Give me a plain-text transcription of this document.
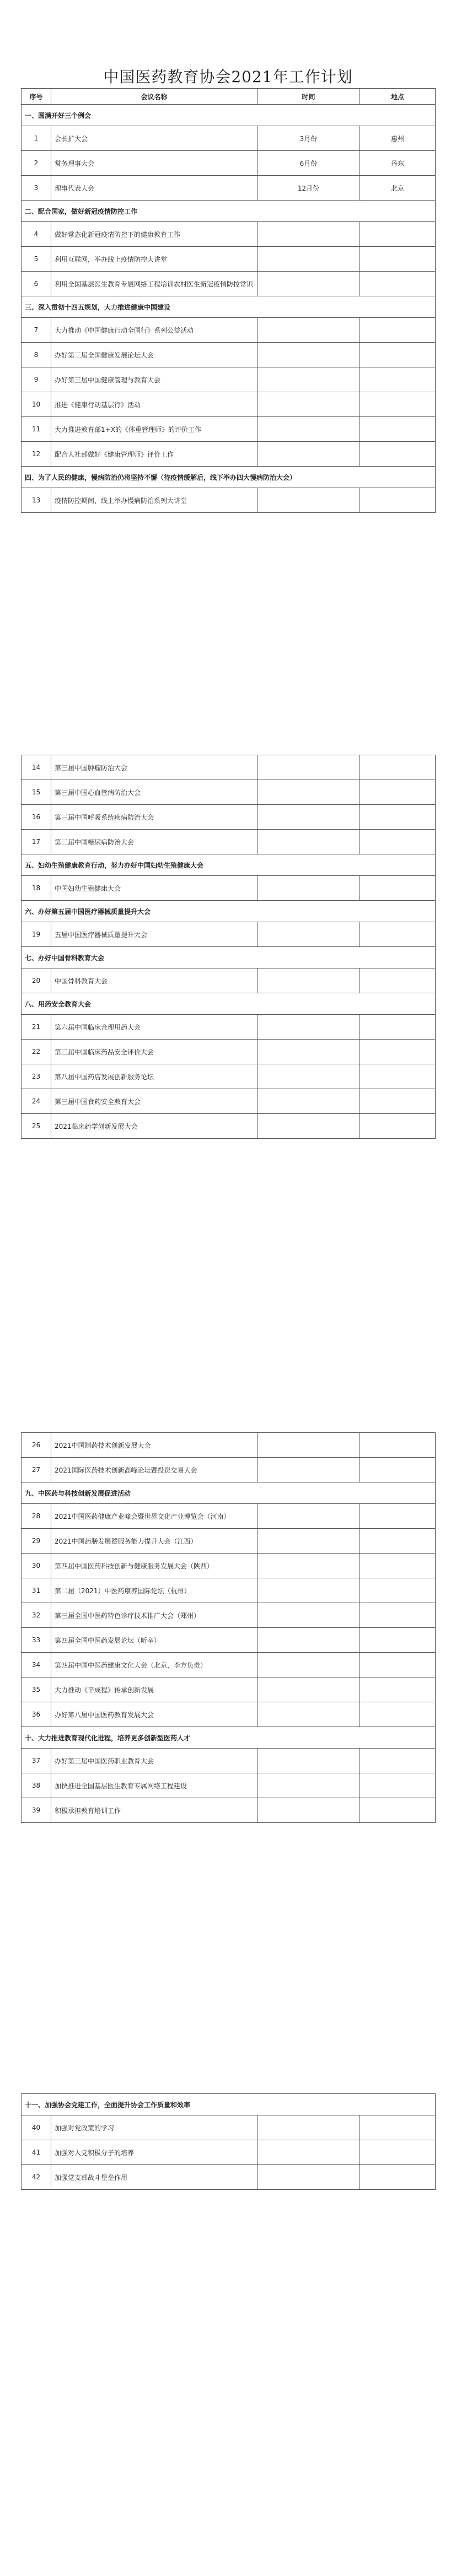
中国医药教育协会2021年工作计划
序号	会议名称	时间	地点
一、圆满开好三个例会			
1	会长扩大会	3月份	惠州
2	常务理事大会	6月份	丹东
3	理事代表大会	12月份	北京
二、配合国家，做好新冠疫情防控工作			
4	做好常态化新冠疫情防控下的健康教育工作		
5	利用互联网，举办线上疫情防控大讲堂		
6	利用全国基层医生教育专属网络工程培训农村医生新冠疫情防控常识		
三、深入贯彻十四五规划，大力推进健康中国建设			
7	大力推动《中国健康行动全国行》系列公益活动		
8	办好第三届全国健康发展论坛大会		
9	办好第三届中国健康管理与教育大会		
10	推进《健康行动基层行》活动		
11	大力推进教育部1+X的《体重管理师》的评价工作		
12	配合人社部做好《健康管理师》评价工作		
四、为了人民的健康，慢病防治仍将坚持不懈（待疫情缓解后，线下举办四大慢病防治大会）			
13	疫情防控期间，线上举办慢病防治系列大讲堂		
14	第三届中国肿瘤防治大会		
15	第三届中国心血管病防治大会		
16	第三届中国呼吸系统疾病防治大会		
17	第三届中国糖尿病防治大会		
五、妇幼生殖健康教育行动，努力办好中国妇幼生殖健康大会			
18	中国妇幼生殖健康大会		
六、办好第五届中国医疗器械质量提升大会			
19	五届中国医疗器械质量提升大会		
七、办好中国骨科教育大会			
20	中国骨科教育大会		
八、用药安全教育大会			
21	第六届中国临床合理用药大会		
22	第三届中国临床药品安全评价大会		
23	第八届中国药店发展创新服务论坛		
24	第三届中国食药安全教育大会		
25	2021临床药学创新发展大会		
26	2021中国制药技术创新发展大会		
27	2021国际医药技术创新高峰论坛暨投资交易大会		
九、中医药与科技创新发展促进活动			
28	2021中国医药健康产业峰会暨世界文化产业博览会（河南）		
29	2021中国药膳发展暨服务能力提升大会（江西）		
30	第四届中国医药科技创新与健康服务发展大会（陕西）		
31	第二届（2021）中医药康养国际论坛（杭州）		
32	第三届全国中医药特色诊疗技术推广大会（郑州）		
33	第四届全国中医药发展论坛（昕辛）		
34	第四届中国中医药健康文化大会（北京，李方负责）		
35	大力推动《辛成程》传承创新发展		
36	办好第八届中国医药教育发展大会		
十、大力推进教育现代化进程，培养更多创新型医药人才			
37	办好第三届中国医药职业教育大会		
38	加快推进全国基层医生教育专属网络工程建设		
39	积极承担教育培训工作		
十一、加强协会党建工作，全面提升协会工作质量和效率			
40	加强对党政策的学习		
41	加强对入党积极分子的培养		
42	加强党支部战斗堡垒作用		
